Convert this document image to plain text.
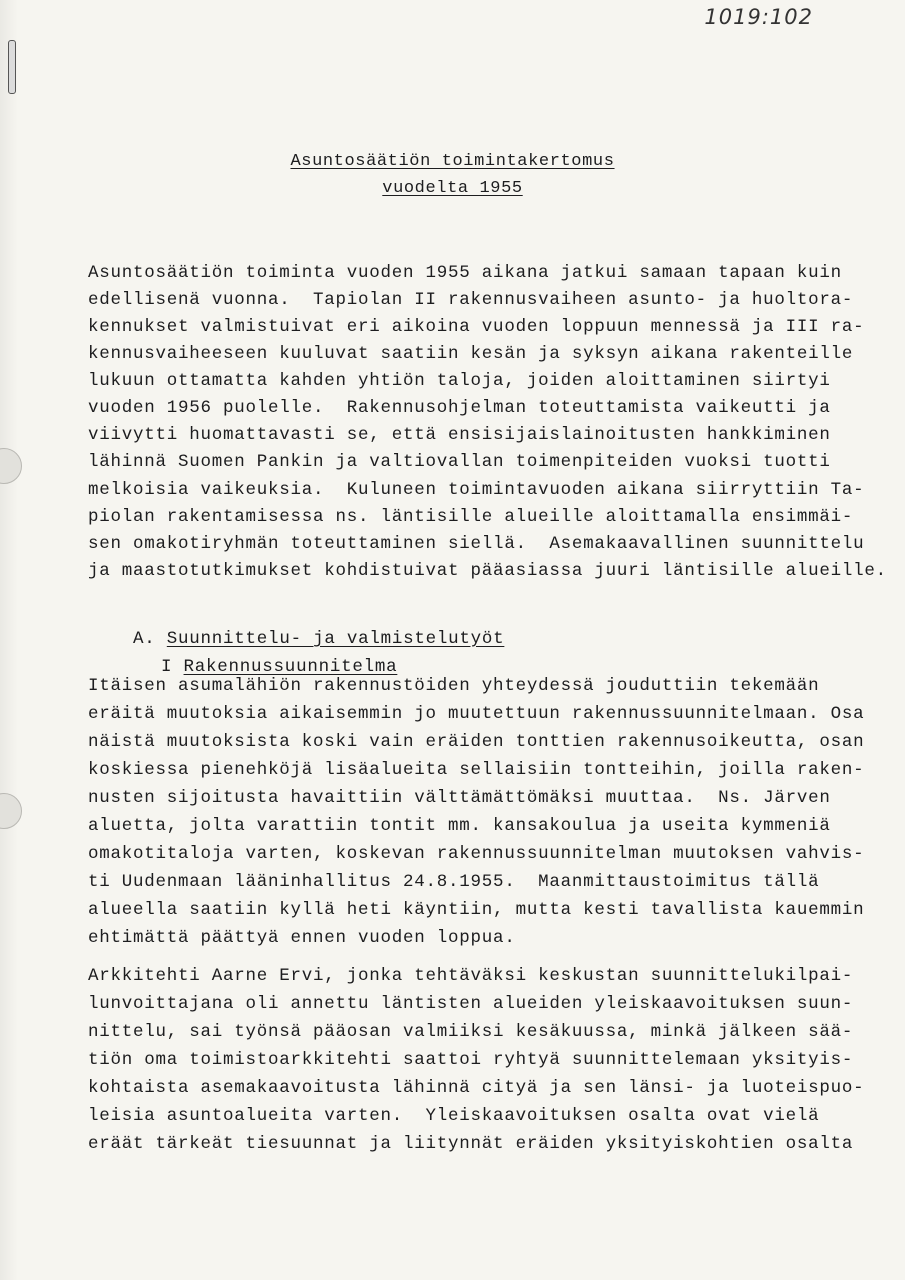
1019:102
Asuntosäätiön toimintakertomus
vuodelta 1955
Asuntosäätiön toiminta vuoden 1955 aikana jatkui samaan tapaan kuin
edellisenä vuonna.  Tapiolan II rakennusvaiheen asunto- ja huoltora-
kennukset valmistuivat eri aikoina vuoden loppuun mennessä ja III ra-
kennusvaiheeseen kuuluvat saatiin kesän ja syksyn aikana rakenteille
lukuun ottamatta kahden yhtiön taloja, joiden aloittaminen siirtyi
vuoden 1956 puolelle.  Rakennusohjelman toteuttamista vaikeutti ja
viivytti huomattavasti se, että ensisijaislainoitusten hankkiminen
lähinnä Suomen Pankin ja valtiovallan toimenpiteiden vuoksi tuotti
melkoisia vaikeuksia.  Kuluneen toimintavuoden aikana siirryttiin Ta-
piolan rakentamisessa ns. läntisille alueille aloittamalla ensimmäi-
sen omakotiryhmän toteuttaminen siellä.  Asemakaavallinen suunnittelu
ja maastotutkimukset kohdistuivat pääasiassa juuri läntisille alueille.

A. Suunnittelu- ja valmistelutyöt

I Rakennussuunnitelma

Itäisen asumalähiön rakennustöiden yhteydessä jouduttiin tekemään
eräitä muutoksia aikaisemmin jo muutettuun rakennussuunnitelmaan. Osa
näistä muutoksista koski vain eräiden tonttien rakennusoikeutta, osan
koskiessa pienehköjä lisäalueita sellaisiin tontteihin, joilla raken-
nusten sijoitusta havaittiin välttämättömäksi muuttaa.  Ns. Järven
aluetta, jolta varattiin tontit mm. kansakoulua ja useita kymmeniä
omakotitaloja varten, koskevan rakennussuunnitelman muutoksen vahvis-
ti Uudenmaan lääninhallitus 24.8.1955.  Maanmittaustoimitus tällä
alueella saatiin kyllä heti käyntiin, mutta kesti tavallista kauemmin
ehtimättä päättyä ennen vuoden loppua.
Arkkitehti Aarne Ervi, jonka tehtäväksi keskustan suunnittelukilpai-
lunvoittajana oli annettu läntisten alueiden yleiskaavoituksen suun-
nittelu, sai työnsä pääosan valmiiksi kesäkuussa, minkä jälkeen sää-
tiön oma toimistoarkkitehti saattoi ryhtyä suunnittelemaan yksityis-
kohtaista asemakaavoitusta lähinnä cityä ja sen länsi- ja luoteispuo-
leisia asuntoalueita varten.  Yleiskaavoituksen osalta ovat vielä
eräät tärkeät tiesuunnat ja liitynnät eräiden yksityiskohtien osalta
